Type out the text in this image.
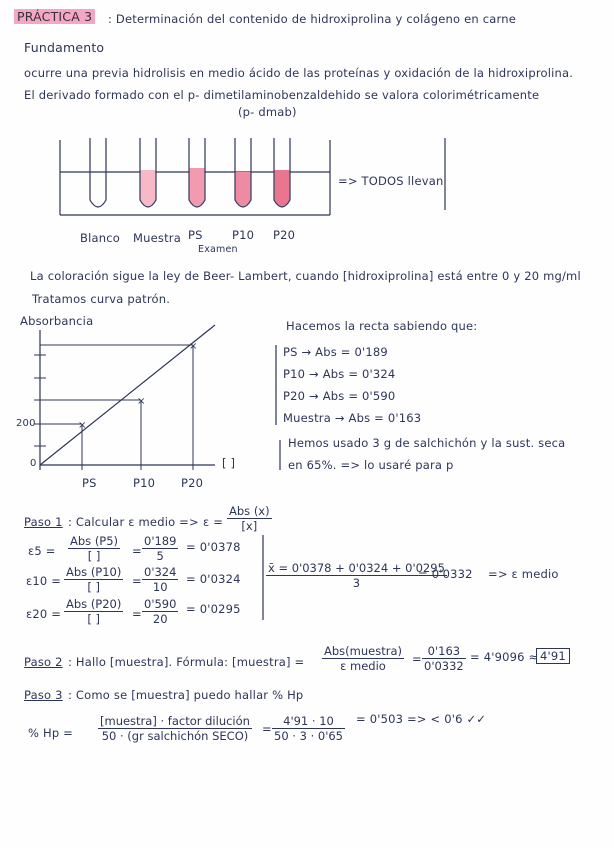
PRÁCTICA 3 : Determinación del contenido de hidroxiprolina y colágeno en carne
Fundamento
ocurre una previa hidrolisis en medio ácido de las proteínas y oxidación de la hidroxiprolina.
El derivado formado con el p- dimetilaminobenzaldehido se valora colorimétricamente
(p- dmab)
×
×
×
Blanco Muestra PS
Examen
P10 P20
=> TODOS llevan
La coloración sigue la ley de Beer- Lambert, cuando [hidroxiprolina] está entre 0 y 20 mg/ml
Tratamos curva patrón.
Absorbancia
200
0	[ ]
PS	P10 P20
Hacemos la recta sabiendo que:
PS → Abs = 0'189
P10 → Abs = 0'324
P20 → Abs = 0'590
Muestra → Abs = 0'163
Hemos usado 3 g de salchichón y la sust. seca
en 65%. => lo usaré para p
Paso 1 : Calcular ε medio => ε =
Abs (x)
[x]
ε5 =
Abs (P5)
[ ]	= $\frac{0'189}{5} = 0'0378$
ε10 =
Abs (P10)
[ ]	= $\frac{0'324}{10} = 0'0324$
ε20 =
Abs (P20)
[ ]	= $\frac{0'590}{20} = 0'0295$
$\frac{x̄ = 0'0378 + 0'0324 + 0'0295}{3}$
= 0'0332 => ε medio
Paso 2 : Hallo [muestra]. Fórmula: [muestra] =
Abs(muestra)
ε medio	= $\frac{0'163}{0'0332} = 4'9096 \approx 4'91$
Paso 3 : Como se [muestra] puedo hallar % Hp
% Hp =
[muestra] · factor dilución
50 · (gr salchichón SECO)	= $\frac{4'91 \cdot 10}{50 \cdot 3 \cdot 0'65} = 0'503$ => < 0'6 ✓✓
